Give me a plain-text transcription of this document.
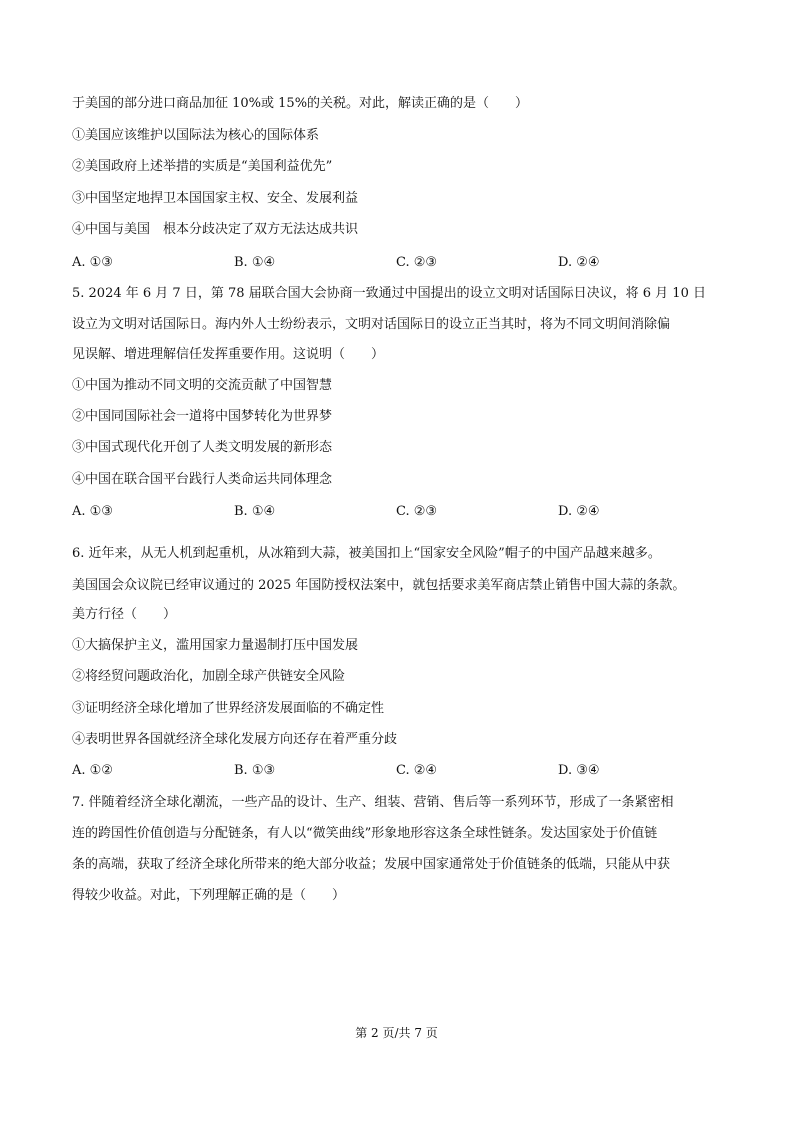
于美国的部分进口商品加征 10%或 15%的关税。对此，解读正确的是（　　）
①美国应该维护以国际法为核心的国际体系
②美国政府上述举措的实质是“美国利益优先”
③中国坚定地捍卫本国国家主权、安全、发展利益
④中国与美国　根本分歧决定了双方无法达成共识
A. ①③	B. ①④	C. ②③	D. ②④
5. 2024 年 6 月 7 日，第 78 届联合国大会协商一致通过中国提出的设立文明对话国际日决议，将 6 月 10 日
设立为文明对话国际日。海内外人士纷纷表示，文明对话国际日的设立正当其时，将为不同文明间消除偏
见误解、增进理解信任发挥重要作用。这说明（　　）
①中国为推动不同文明的交流贡献了中国智慧
②中国同国际社会一道将中国梦转化为世界梦
③中国式现代化开创了人类文明发展的新形态
④中国在联合国平台践行人类命运共同体理念
A. ①③	B. ①④	C. ②③	D. ②④
6. 近年来，从无人机到起重机，从冰箱到大蒜，被美国扣上“国家安全风险”帽子的中国产品越来越多。
美国国会众议院已经审议通过的 2025 年国防授权法案中，就包括要求美军商店禁止销售中国大蒜的条款。
美方行径（　　）
①大搞保护主义，滥用国家力量遏制打压中国发展
②将经贸问题政治化，加剧全球产供链安全风险
③证明经济全球化增加了世界经济发展面临的不确定性
④表明世界各国就经济全球化发展方向还存在着严重分歧
A. ①②	B. ①③	C. ②④	D. ③④
7. 伴随着经济全球化潮流，一些产品的设计、生产、组装、营销、售后等一系列环节，形成了一条紧密相
连的跨国性价值创造与分配链条，有人以“微笑曲线”形象地形容这条全球性链条。发达国家处于价值链
条的高端，获取了经济全球化所带来的绝大部分收益；发展中国家通常处于价值链条的低端，只能从中获
得较少收益。对此，下列理解正确的是（　　）
第 2 页/共 7 页
